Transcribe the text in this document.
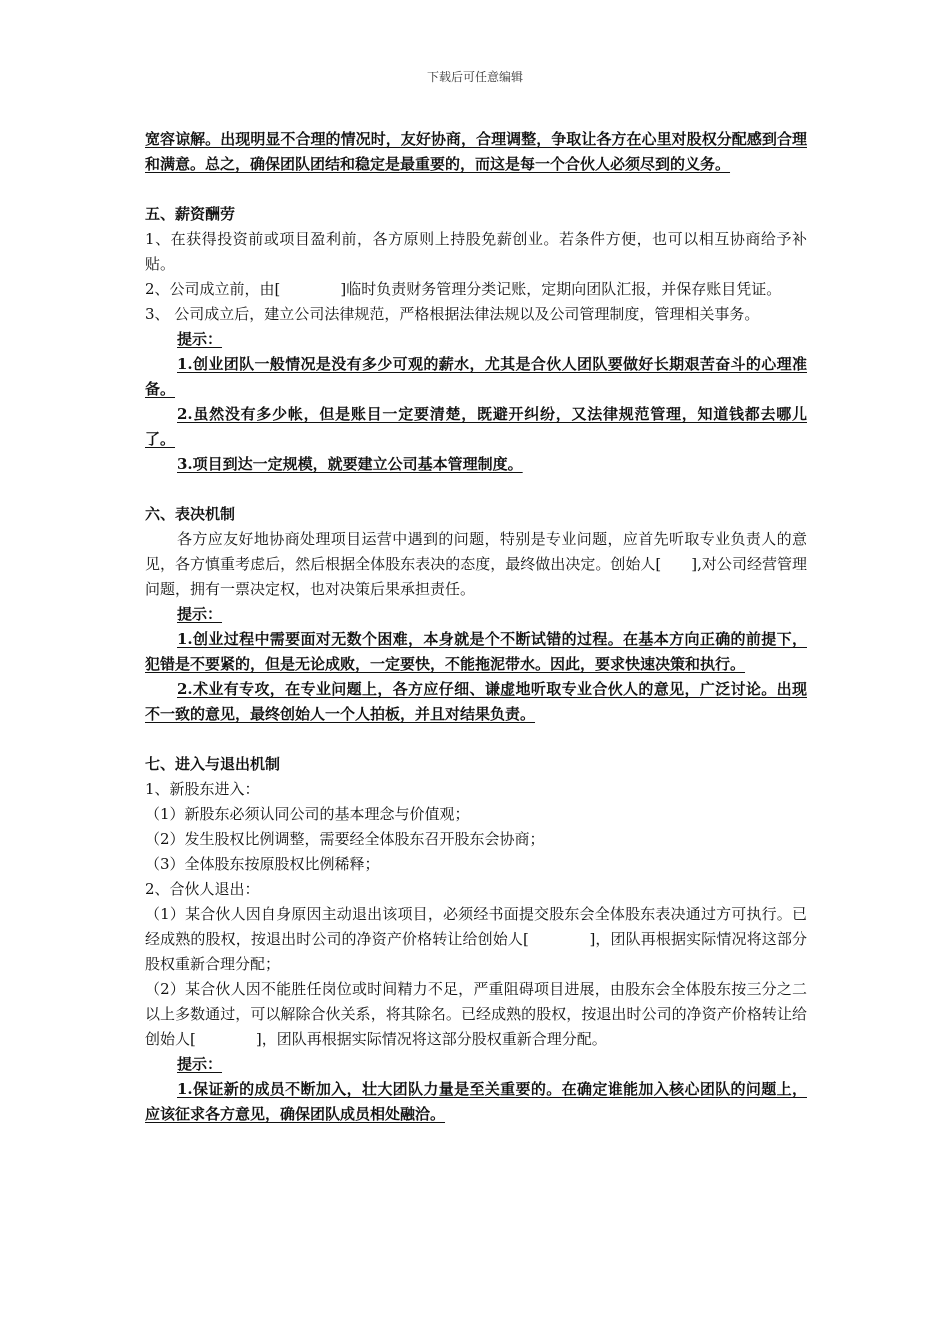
下载后可任意编辑

宽容谅解。出现明显不合理的情况时，友好协商，合理调整，争取让各方在心里对股权分配感到合理和满意。总之，确保团队团结和稳定是最重要的，而这是每一个合伙人必须尽到的义务。

五、薪资酬劳

1、在获得投资前或项目盈利前，各方原则上持股免薪创业。若条件方便，也可以相互协商给予补贴。

2、公司成立前，由[　　　　]临时负责财务管理分类记账，定期向团队汇报，并保存账目凭证。

3、 公司成立后，建立公司法律规范，严格根据法律法规以及公司管理制度，管理相关事务。

提示：

1.创业团队一般情况是没有多少可观的薪水，尤其是合伙人团队要做好长期艰苦奋斗的心理准备。

2.虽然没有多少帐，但是账目一定要清楚，既避开纠纷，又法律规范管理，知道钱都去哪儿了。

3.项目到达一定规模，就要建立公司基本管理制度。

六、表决机制

各方应友好地协商处理项目运营中遇到的问题，特别是专业问题，应首先听取专业负责人的意见，各方慎重考虑后，然后根据全体股东表决的态度，最终做出决定。创始人[　　],对公司经营管理问题，拥有一票决定权，也对决策后果承担责任。

提示：

1.创业过程中需要面对无数个困难，本身就是个不断试错的过程。在基本方向正确的前提下，犯错是不要紧的，但是无论成败，一定要快，不能拖泥带水。因此，要求快速决策和执行。

2.术业有专攻，在专业问题上，各方应仔细、谦虚地听取专业合伙人的意见，广泛讨论。出现不一致的意见，最终创始人一个人拍板，并且对结果负责。

七、进入与退出机制

1、新股东进入：

（1）新股东必须认同公司的基本理念与价值观；

（2）发生股权比例调整，需要经全体股东召开股东会协商；

（3）全体股东按原股权比例稀释；

2、合伙人退出：

（1）某合伙人因自身原因主动退出该项目，必须经书面提交股东会全体股东表决通过方可执行。已经成熟的股权，按退出时公司的净资产价格转让给创始人[　　　　]，团队再根据实际情况将这部分股权重新合理分配；

（2）某合伙人因不能胜任岗位或时间精力不足，严重阻碍项目进展，由股东会全体股东按三分之二以上多数通过，可以解除合伙关系，将其除名。已经成熟的股权，按退出时公司的净资产价格转让给创始人[　　　　]，团队再根据实际情况将这部分股权重新合理分配。

提示：

1.保证新的成员不断加入，壮大团队力量是至关重要的。在确定谁能加入核心团队的问题上，应该征求各方意见，确保团队成员相处融洽。
